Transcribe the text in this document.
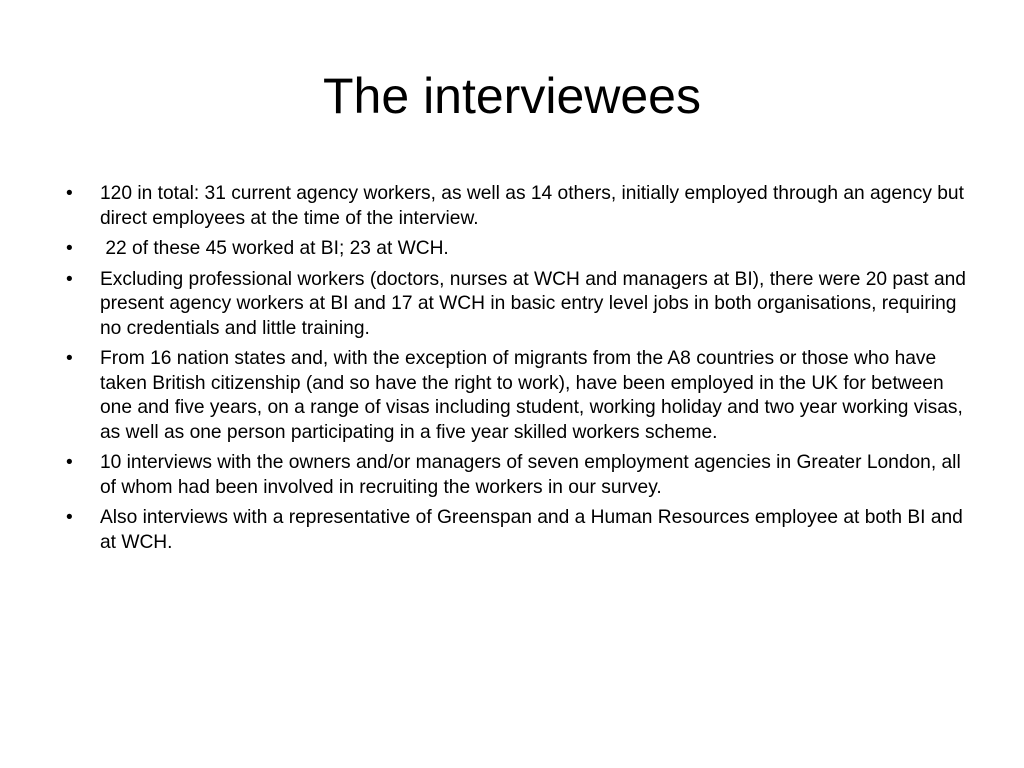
The interviewees
•	120 in total: 31 current agency workers, as well as 14 others, initially employed through an agency but direct employees at the time of the interview.
•	22 of these 45 worked at BI; 23 at WCH.
•	Excluding professional workers (doctors, nurses at WCH and managers at BI), there were 20 past and present agency workers at BI and 17 at WCH in basic entry level jobs in both organisations, requiring no credentials and little training.
•	From 16 nation states and, with the exception of migrants from the A8 countries or those who have taken British citizenship (and so have the right to work), have been employed in the UK for between one and five years, on a range of visas including student, working holiday and two year working visas, as well as one person participating in a five year skilled workers scheme.
•	10 interviews with the owners and/or managers of seven employment agencies in Greater London, all of whom had been involved in recruiting the workers in our survey.
•	Also interviews with a representative of Greenspan and a Human Resources employee at both BI and at WCH.
